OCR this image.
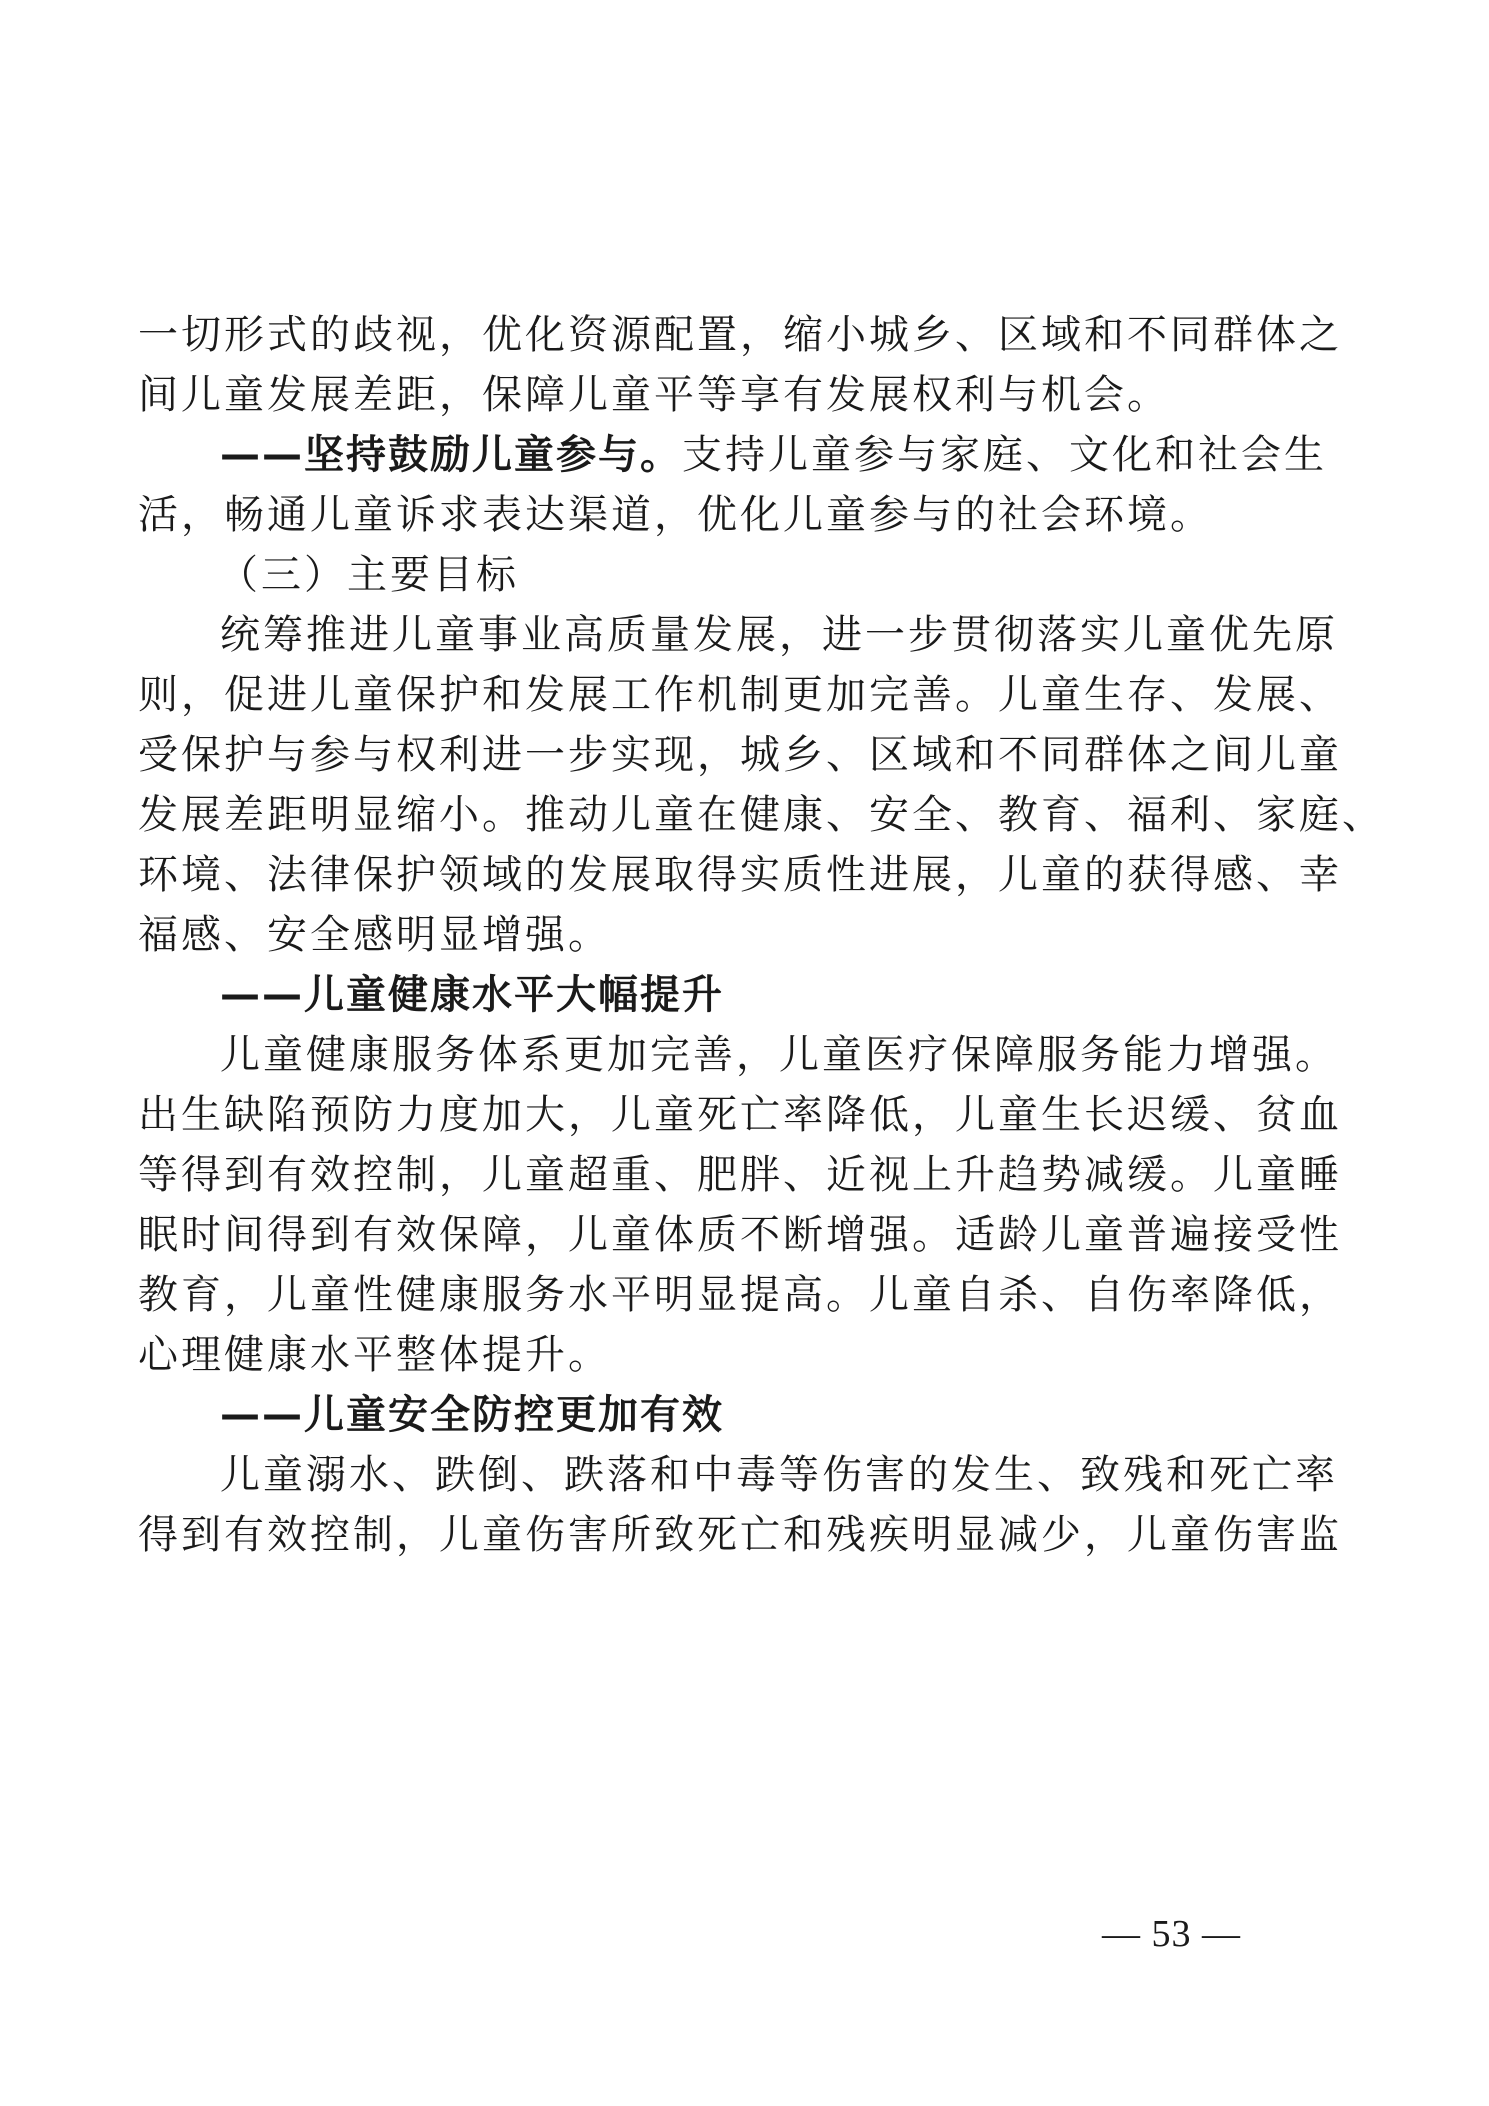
一切形式的歧视，优化资源配置，缩小城乡、区域和不同群体之
间儿童发展差距，保障儿童平等享有发展权利与机会。
——坚持鼓励儿童参与。支持儿童参与家庭、文化和社会生
活，畅通儿童诉求表达渠道，优化儿童参与的社会环境。
（三）主要目标
统筹推进儿童事业高质量发展，进一步贯彻落实儿童优先原
则，促进儿童保护和发展工作机制更加完善。儿童生存、发展、
受保护与参与权利进一步实现，城乡、区域和不同群体之间儿童
发展差距明显缩小。推动儿童在健康、安全、教育、福利、家庭、
环境、法律保护领域的发展取得实质性进展，儿童的获得感、幸
福感、安全感明显增强。
——儿童健康水平大幅提升
儿童健康服务体系更加完善，儿童医疗保障服务能力增强。
出生缺陷预防力度加大，儿童死亡率降低，儿童生长迟缓、贫血
等得到有效控制，儿童超重、肥胖、近视上升趋势减缓。儿童睡
眠时间得到有效保障，儿童体质不断增强。适龄儿童普遍接受性
教育，儿童性健康服务水平明显提高。儿童自杀、自伤率降低，
心理健康水平整体提升。
——儿童安全防控更加有效
儿童溺水、跌倒、跌落和中毒等伤害的发生、致残和死亡率
得到有效控制，儿童伤害所致死亡和残疾明显减少，儿童伤害监
— 53 —
